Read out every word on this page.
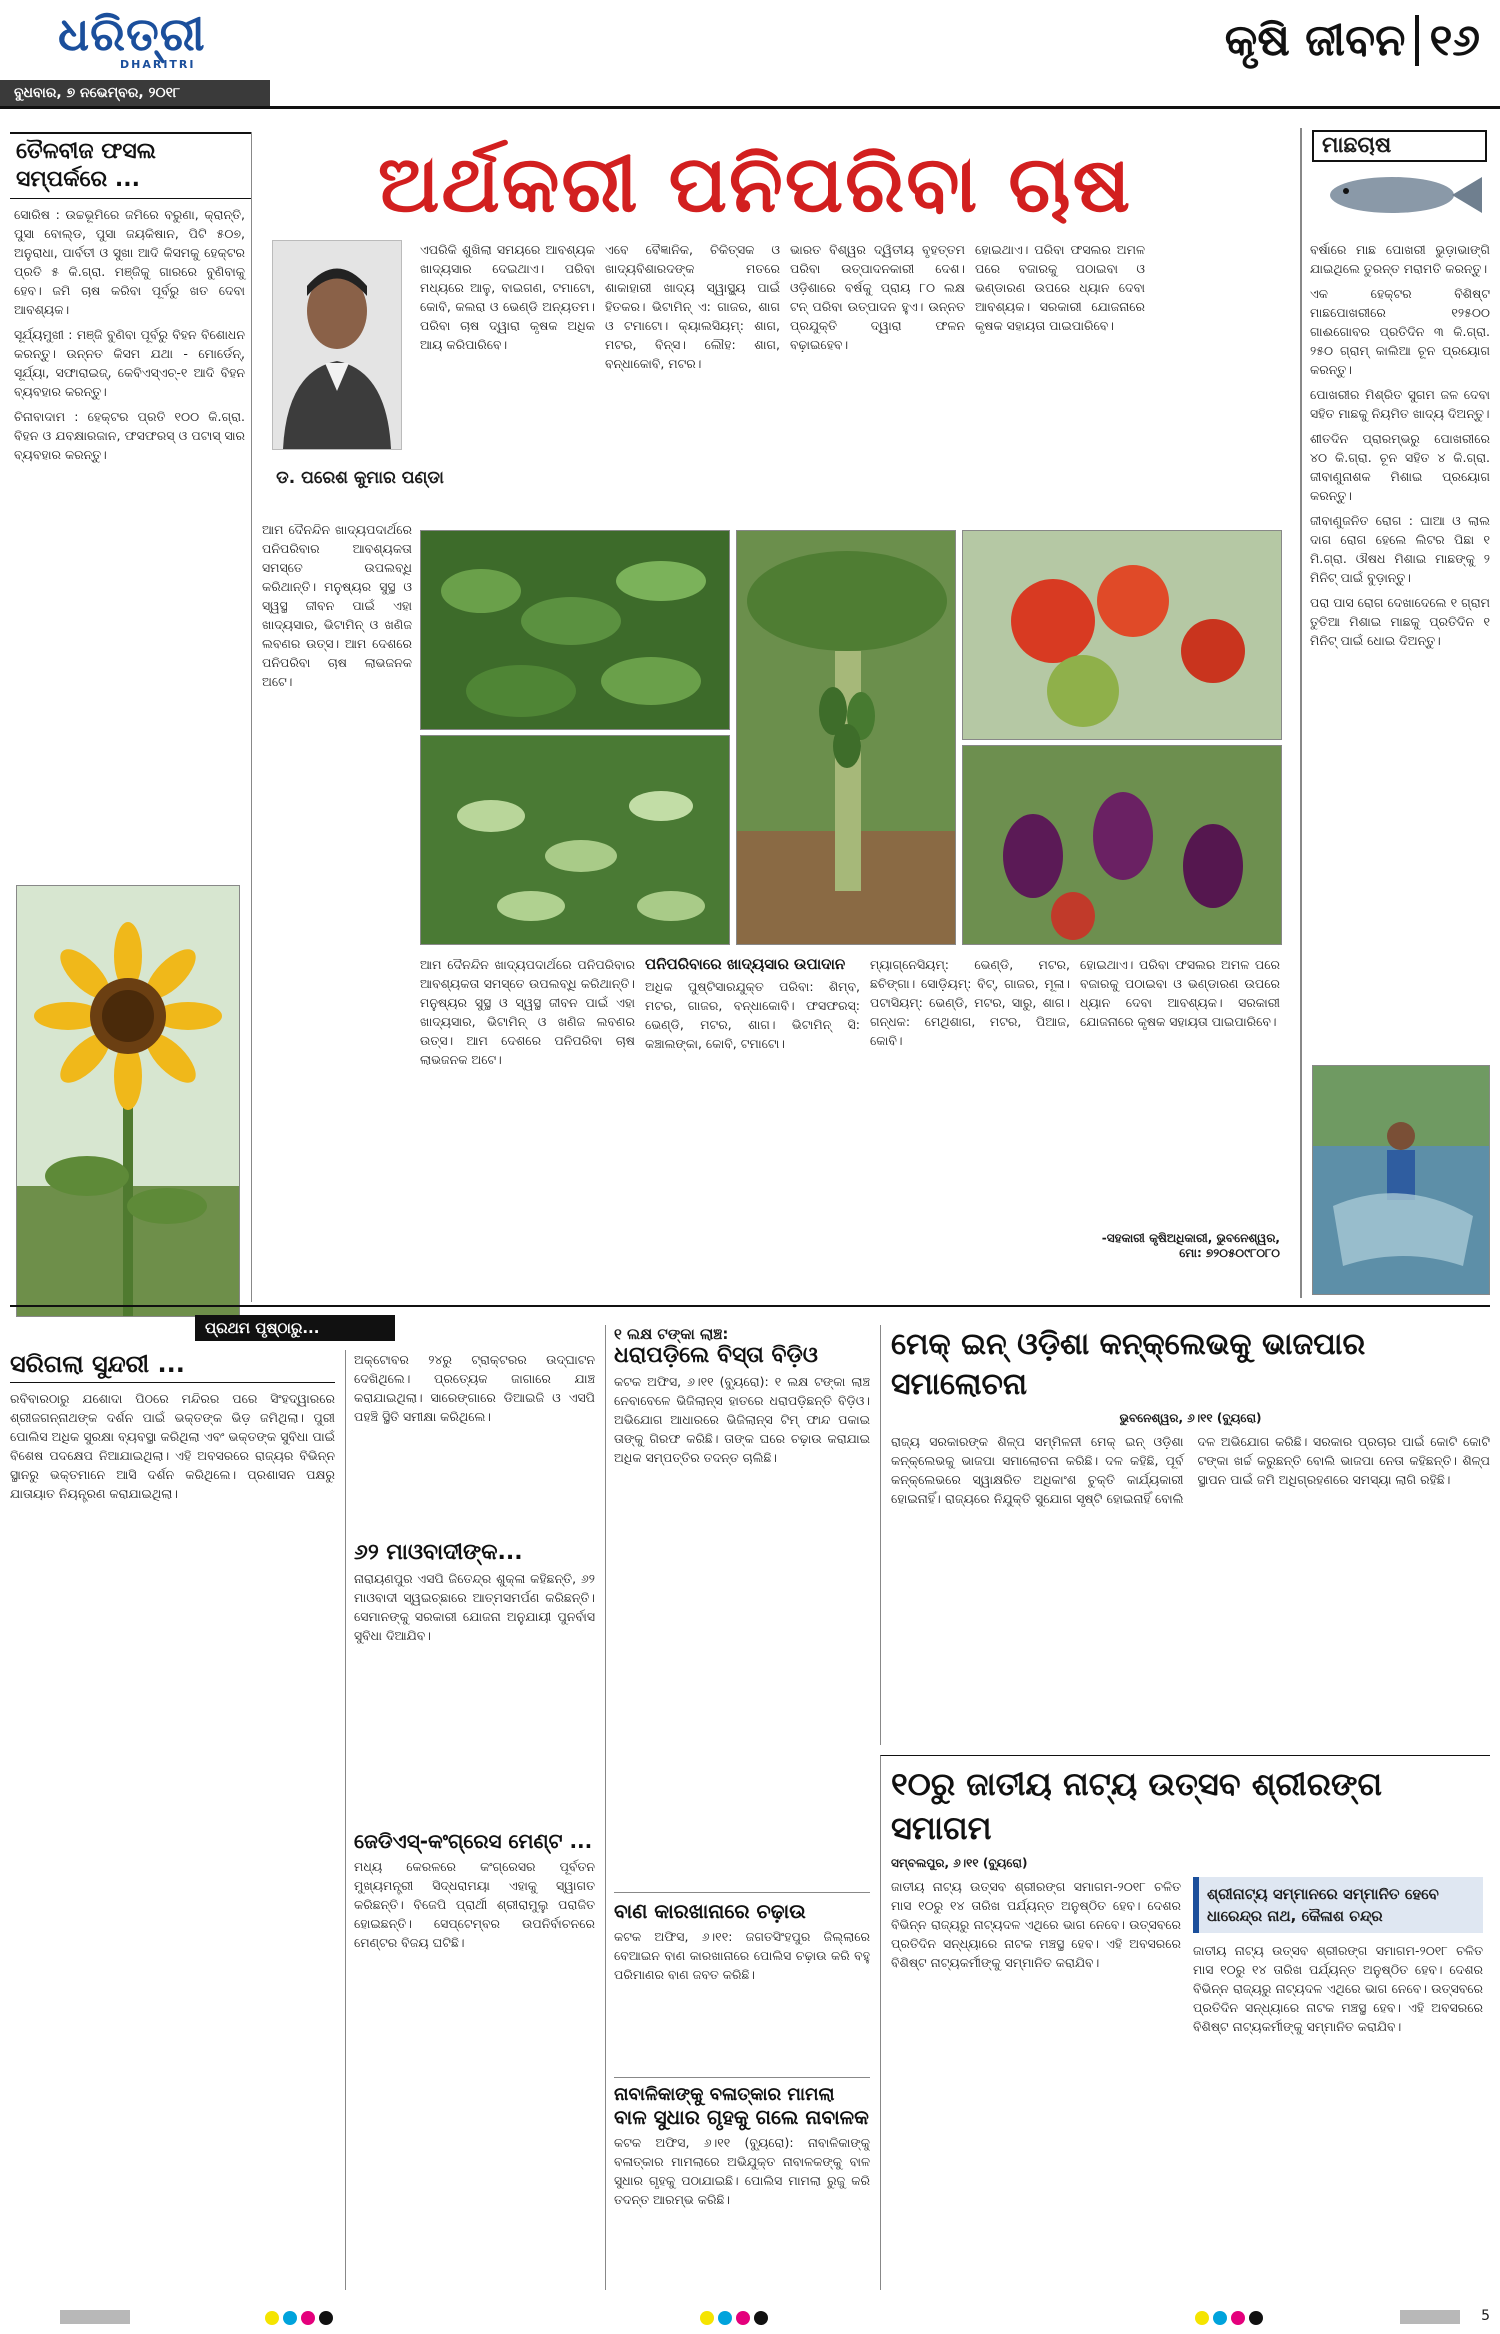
ଧରିତ୍ରୀ
DHARITRI
ବୁଧବାର, ୭ ନଭେମ୍ବର, ୨୦୧୮
କୃଷି ଜୀବନ ୧୬
ତୈଳବୀଜ ଫସଲ ସମ୍ପର୍କରେ ...

ସୋରିଷ : ଉଚ୍ଚଭୂମିରେ ଜମିରେ ବରୁଣା, କ୍ରାନ୍ତି, ପୁସା ବୋଲ୍ଡ, ପୁସା ଜୟକିଷାନ, ପିଟି ୫୦୭, ଅନୁରାଧା, ପାର୍ବତୀ ଓ ସୁଖା ଆଦି କିସମକୁ ହେକ୍ଟର ପ୍ରତି ୫ କି.ଗ୍ରା. ମଞ୍ଜିକୁ ଗାରରେ ବୁଣିବାକୁ ହେବ। ଜମି ଚାଷ କରିବା ପୂର୍ବରୁ ଖତ ଦେବା ଆବଶ୍ୟକ।

ସୂର୍ଯ୍ୟମୁଖୀ : ମଞ୍ଜି ବୁଣିବା ପୂର୍ବରୁ ବିହନ ବିଶୋଧନ କରନ୍ତୁ। ଉନ୍ନତ କିସମ ଯଥା - ମୋର୍ଡେନ୍, ସୂର୍ଯ୍ୟା, ସଫାରାଇଜ୍, କେବିଏସ୍ଏଚ୍-୧ ଆଦି ବିହନ ବ୍ୟବହାର କରନ୍ତୁ।

ଚିନାବାଦାମ : ହେକ୍ଟର ପ୍ରତି ୧୦୦ କି.ଗ୍ରା. ବିହନ ଓ ଯବକ୍ଷାରଜାନ, ଫସଫରସ୍ ଓ ପଟାସ୍ ସାର ବ୍ୟବହାର କରନ୍ତୁ।

ଅର୍ଥକରୀ ପନିପରିବା ଚାଷ
ଡ. ପରେଶ କୁମାର ପଣ୍ଡା
ଏପରିକି ଶୁଖିଲା ସମୟରେ ଆବଶ୍ୟକ ଖାଦ୍ୟସାର ଦେଇଥାଏ। ପରିବା ମଧ୍ୟରେ ଆଳୁ, ବାଇଗଣ, ଟମାଟୋ, କୋବି, କଲରା ଓ ଭେଣ୍ଡି ଅନ୍ୟତମ। ପରିବା ଚାଷ ଦ୍ୱାରା କୃଷକ ଅଧିକ ଆୟ କରିପାରିବେ।
ଏବେ ବୈଜ୍ଞାନିକ, ଚିକିତ୍ସକ ଓ ଖାଦ୍ୟବିଶାରଦଙ୍କ ମତରେ ଶାକାହାରୀ ଖାଦ୍ୟ ସ୍ୱାସ୍ଥ୍ୟ ପାଇଁ ହିତକର। ଭିଟାମିନ୍ ଏ: ଗାଜର, ଶାଗ ଓ ଟମାଟୋ। କ୍ୟାଲସିୟମ୍: ଶାଗ, ମଟର, ବିନ୍ସ। ଲୌହ: ଶାଗ, ବନ୍ଧାକୋବି, ମଟର।
ଭାରତ ବିଶ୍ୱର ଦ୍ୱିତୀୟ ବୃହତ୍ତମ ପରିବା ଉତ୍ପାଦନକାରୀ ଦେଶ। ଓଡ଼ିଶାରେ ବର୍ଷକୁ ପ୍ରାୟ ୮୦ ଲକ୍ଷ ଟନ୍ ପରିବା ଉତ୍ପାଦନ ହୁଏ। ଉନ୍ନତ ପ୍ରଯୁକ୍ତି ଦ୍ୱାରା ଫଳନ ବଢ଼ାଇହେବ।
ହୋଇଥାଏ। ପରିବା ଫସଲର ଅମଳ ପରେ ବଜାରକୁ ପଠାଇବା ଓ ଭଣ୍ଡାରଣ ଉପରେ ଧ୍ୟାନ ଦେବା ଆବଶ୍ୟକ। ସରକାରୀ ଯୋଜନାରେ କୃଷକ ସହାୟତା ପାଇପାରିବେ।
ଆମ ଦୈନନ୍ଦିନ ଖାଦ୍ୟପଦାର୍ଥରେ ପନିପରିବାର ଆବଶ୍ୟକତା ସମସ୍ତେ ଉପଲବ୍ଧି କରିଥାନ୍ତି। ମନୁଷ୍ୟର ସୁସ୍ଥ ଓ ସ୍ୱସ୍ଥ ଜୀବନ ପାଇଁ ଏହା ଖାଦ୍ୟସାର, ଭିଟାମିନ୍ ଓ ଖଣିଜ ଲବଣର ଉତ୍ସ। ଆମ ଦେଶରେ ପନିପରିବା ଚାଷ ଲାଭଜନକ ଅଟେ।
ଆମ ଦୈନନ୍ଦିନ ଖାଦ୍ୟପଦାର୍ଥରେ ପନିପରିବାର ଆବଶ୍ୟକତା ସମସ୍ତେ ଉପଲବ୍ଧି କରିଥାନ୍ତି। ମନୁଷ୍ୟର ସୁସ୍ଥ ଓ ସ୍ୱସ୍ଥ ଜୀବନ ପାଇଁ ଏହା ଖାଦ୍ୟସାର, ଭିଟାମିନ୍ ଓ ଖଣିଜ ଲବଣର ଉତ୍ସ। ଆମ ଦେଶରେ ପନିପରିବା ଚାଷ ଲାଭଜନକ ଅଟେ।
ପନିପରିବାରେ ଖାଦ୍ୟସାର ଉପାଦାନ
ଅଧିକ ପୁଷ୍ଟିସାରଯୁକ୍ତ ପରିବା: ଶିମ୍ବ, ମଟର, ଗାଜର, ବନ୍ଧାକୋବି। ଫସଫରସ୍: ଭେଣ୍ଡି, ମଟର, ଶାଗ। ଭିଟାମିନ୍ ସି: କଞ୍ଚାଲଙ୍କା, କୋବି, ଟମାଟୋ।
ମ୍ୟାଗ୍ନେସିୟମ୍: ଭେଣ୍ଡି, ମଟର, ଛଚିଙ୍ଗା। ସୋଡ଼ିୟମ୍: ବିଟ୍, ଗାଜର, ମୂଳା। ପଟାସିୟମ୍: ଭେଣ୍ଡି, ମଟର, ସାରୁ, ଶାଗ। ଗନ୍ଧକ: ମେଥିଶାଗ, ମଟର, ପିଆଜ, କୋବି।
ହୋଇଥାଏ। ପରିବା ଫସଲର ଅମଳ ପରେ ବଜାରକୁ ପଠାଇବା ଓ ଭଣ୍ଡାରଣ ଉପରେ ଧ୍ୟାନ ଦେବା ଆବଶ୍ୟକ। ସରକାରୀ ଯୋଜନାରେ କୃଷକ ସହାୟତା ପାଇପାରିବେ।
-ସହକାରୀ କୃଷିଅଧିକାରୀ, ଭୁବନେଶ୍ୱର,
ମୋ: ୭୨୦୫୦୯୮୦୮୦
ମାଛଚାଷ

ବର୍ଷାରେ ମାଛ ପୋଖରୀ ଭୁଡ଼ାଭାଙ୍ଗି ଯାଇଥିଲେ ତୁରନ୍ତ ମରାମତି କରନ୍ତୁ।

ଏକ ହେକ୍ଟର ବିଶିଷ୍ଟ ମାଛପୋଖରୀରେ ୧୨୫୦୦ ଗାଈଗୋବର ପ୍ରତିଦିନ ୩ କି.ଗ୍ରା. ୨୫୦ ଗ୍ରାମ୍ କାଲିଆ ଚୂନ ପ୍ରୟୋଗ କରନ୍ତୁ।

ପୋଖରୀର ମିଶ୍ରିତ ସୁଗମ ଜଳ ଦେବା ସହିତ ମାଛକୁ ନିୟମିତ ଖାଦ୍ୟ ଦିଅନ୍ତୁ।

ଶୀତଦିନ ପ୍ରାରମ୍ଭରୁ ପୋଖରୀରେ ୪୦ କି.ଗ୍ରା. ଚୂନ ସହିତ ୪ କି.ଗ୍ରା. ଜୀବାଣୁନାଶକ ମିଶାଇ ପ୍ରୟୋଗ କରନ୍ତୁ।

ଜୀବାଣୁଜନିତ ରୋଗ : ଘାଆ ଓ ଲାଲ ଦାଗ ରୋଗ ହେଲେ ଲିଟର ପିଛା ୧ ମି.ଗ୍ରା. ଔଷଧ ମିଶାଇ ମାଛଙ୍କୁ ୨ ମିନିଟ୍ ପାଇଁ ବୁଡ଼ାନ୍ତୁ।

ପରା ପାସ ରୋଗ ଦେଖାଦେଲେ ୧ ଗ୍ରାମ ତୁତିଆ ମିଶାଇ ମାଛକୁ ପ୍ରତିଦିନ ୧ ମିନିଟ୍ ପାଇଁ ଧୋଇ ଦିଅନ୍ତୁ।

ପ୍ରଥମ ପୃଷ୍ଠାରୁ...
ସରିଗଲା ସୁନ୍ଦରୀ ...
ରବିବାରଠାରୁ ଯଶୋଦା ପିଠରେ ମନ୍ଦିରର ପରେ ସିଂହଦ୍ୱାରରେ ଶ୍ରୀଜଗନ୍ନାଥଙ୍କ ଦର୍ଶନ ପାଇଁ ଭକ୍ତଙ୍କ ଭିଡ଼ ଜମିଥିଲା। ପୁରୀ ପୋଲିସ ଅଧିକ ସୁରକ୍ଷା ବ୍ୟବସ୍ଥା କରିଥିଲା ଏବଂ ଭକ୍ତଙ୍କ ସୁବିଧା ପାଇଁ ବିଶେଷ ପଦକ୍ଷେପ ନିଆଯାଇଥିଲା। ଏହି ଅବସରରେ ରାଜ୍ୟର ବିଭିନ୍ନ ସ୍ଥାନରୁ ଭକ୍ତମାନେ ଆସି ଦର୍ଶନ କରିଥିଲେ। ପ୍ରଶାସନ ପକ୍ଷରୁ ଯାତାୟାତ ନିୟନ୍ତ୍ରଣ କରାଯାଇଥିଲା।
ଅକ୍ଟୋବର ୨୪ରୁ ଟ୍ରାକ୍ଟରର ଉଦ୍‌ଘାଟନ ଦେଖିଥିଲେ। ପ୍ରତ୍ୟେକ ଜାଗାରେ ଯାଞ୍ଚ କରାଯାଇଥିଲା। ସାରେଙ୍ଗାରେ ଡିଆଇଜି ଓ ଏସପି ପହଞ୍ଚି ସ୍ଥିତି ସମୀକ୍ଷା କରିଥିଲେ।
୬୨ ମାଓବାଦୀଙ୍କ...
ନାରାୟଣପୁର ଏସପି ଜିତେନ୍ଦ୍ର ଶୁକ୍ଳା କହିଛନ୍ତି, ୬୨ ମାଓବାଦୀ ସ୍ୱଇଚ୍ଛାରେ ଆତ୍ମସମର୍ପଣ କରିଛନ୍ତି। ସେମାନଙ୍କୁ ସରକାରୀ ଯୋଜନା ଅନୁଯାୟୀ ପୁନର୍ବାସ ସୁବିଧା ଦିଆଯିବ।
ଜେଡିଏସ୍-କଂଗ୍ରେସ ମେଣ୍ଟ ...
ମଧ୍ୟ କେରଳରେ କଂଗ୍ରେସର ପୂର୍ବତନ ମୁଖ୍ୟମନ୍ତ୍ରୀ ସିଦ୍ଧରାମୟା ଏହାକୁ ସ୍ୱାଗତ କରିଛନ୍ତି। ବିଜେପି ପ୍ରାର୍ଥୀ ଶ୍ରୀରାମୁଲୁ ପରାଜିତ ହୋଇଛନ୍ତି। ସେପ୍ଟେମ୍ବର ଉପନିର୍ବାଚନରେ ମେଣ୍ଟର ବିଜୟ ଘଟିଛି।
୧ ଲକ୍ଷ ଟଙ୍କା ଲାଞ୍ଚ:
ଧରାପଡ଼ିଲେ ବିସ୍ତା ବିଡ଼ିଓ
କଟକ ଅଫିସ, ୬।୧୧ (ବ୍ୟୁରୋ): ୧ ଲକ୍ଷ ଟଙ୍କା ଲାଞ୍ଚ ନେବାବେଳେ ଭିଜିଲାନ୍ସ ହାତରେ ଧରାପଡ଼ିଛନ୍ତି ବିଡ଼ିଓ। ଅଭିଯୋଗ ଆଧାରରେ ଭିଜିଲାନ୍ସ ଟିମ୍ ଫାନ୍ଦ ପକାଇ ତାଙ୍କୁ ଗିରଫ କରିଛି। ତାଙ୍କ ଘରେ ଚଢ଼ାଉ କରାଯାଇ ଅଧିକ ସମ୍ପତ୍ତିର ତଦନ୍ତ ଚାଲିଛି।
ବାଣ କାରଖାନାରେ ଚଢ଼ାଉ
କଟକ ଅଫିସ, ୬।୧୧: ଜଗତସିଂହପୁର ଜିଲ୍ଲାରେ ବେଆଇନ ବାଣ କାରଖାନାରେ ପୋଲିସ ଚଢ଼ାଉ କରି ବହୁ ପରିମାଣର ବାଣ ଜବତ କରିଛି।
ନାବାଳିକାଙ୍କୁ ବଳାତ୍କାର ମାମଲା
ବାଳ ସୁଧାର ଗୃହକୁ ଗଲେ ନାବାଳକ
କଟକ ଅଫିସ, ୬।୧୧ (ବ୍ୟୁରୋ): ନାବାଳିକାଙ୍କୁ ବଳାତ୍କାର ମାମଲାରେ ଅଭିଯୁକ୍ତ ନାବାଳକଙ୍କୁ ବାଳ ସୁଧାର ଗୃହକୁ ପଠାଯାଇଛି। ପୋଲିସ ମାମଲା ରୁଜୁ କରି ତଦନ୍ତ ଆରମ୍ଭ କରିଛି।
ମେକ୍ ଇନ୍ ଓଡ଼ିଶା କନ୍‌କ୍ଲେଭକୁ ଭାଜପାର ସମାଲୋଚନା
ଭୁବନେଶ୍ୱର, ୬।୧୧ (ବ୍ୟୁରୋ)
ରାଜ୍ୟ ସରକାରଙ୍କ ଶିଳ୍ପ ସମ୍ମିଳନୀ ମେକ୍ ଇନ୍ ଓଡ଼ିଶା କନ୍‌କ୍ଲେଭକୁ ଭାଜପା ସମାଲୋଚନା କରିଛି। ଦଳ କହିଛି, ପୂର୍ବ କନ୍‌କ୍ଲେଭରେ ସ୍ୱାକ୍ଷରିତ ଅଧିକାଂଶ ଚୁକ୍ତି କାର୍ଯ୍ୟକାରୀ ହୋଇନାହିଁ। ରାଜ୍ୟରେ ନିଯୁକ୍ତି ସୁଯୋଗ ସୃଷ୍ଟି ହୋଇନାହିଁ ବୋଲି ଦଳ ଅଭିଯୋଗ କରିଛି। ସରକାର ପ୍ରଚାର ପାଇଁ କୋଟି କୋଟି ଟଙ୍କା ଖର୍ଚ୍ଚ କରୁଛନ୍ତି ବୋଲି ଭାଜପା ନେତା କହିଛନ୍ତି। ଶିଳ୍ପ ସ୍ଥାପନ ପାଇଁ ଜମି ଅଧିଗ୍ରହଣରେ ସମସ୍ୟା ଲାଗି ରହିଛି।
୧୦ରୁ ଜାତୀୟ ନାଟ୍ୟ ଉତ୍ସବ ଶ୍ରୀରଙ୍ଗ ସମାଗମ
ସମ୍ବଲପୁର, ୬।୧୧ (ବ୍ୟୁରୋ)
ଜାତୀୟ ନାଟ୍ୟ ଉତ୍ସବ ଶ୍ରୀରଙ୍ଗ ସମାଗମ-୨୦୧୮ ଚଳିତ ମାସ ୧୦ରୁ ୧୪ ତାରିଖ ପର୍ଯ୍ୟନ୍ତ ଅନୁଷ୍ଠିତ ହେବ। ଦେଶର ବିଭିନ୍ନ ରାଜ୍ୟରୁ ନାଟ୍ୟଦଳ ଏଥିରେ ଭାଗ ନେବେ। ଉତ୍ସବରେ ପ୍ରତିଦିନ ସନ୍ଧ୍ୟାରେ ନାଟକ ମଞ୍ଚସ୍ଥ ହେବ। ଏହି ଅବସରରେ ବିଶିଷ୍ଟ ନାଟ୍ୟକର୍ମୀଙ୍କୁ ସମ୍ମାନିତ କରାଯିବ।
ଶ୍ରୀନାଟ୍ୟ ସମ୍ମାନରେ ସମ୍ମାନିତ ହେବେ ଧାରେନ୍ଦ୍ର ନାଥ, କୈଳାଶ ଚନ୍ଦ୍ର
ଜାତୀୟ ନାଟ୍ୟ ଉତ୍ସବ ଶ୍ରୀରଙ୍ଗ ସମାଗମ-୨୦୧୮ ଚଳିତ ମାସ ୧୦ରୁ ୧୪ ତାରିଖ ପର୍ଯ୍ୟନ୍ତ ଅନୁଷ୍ଠିତ ହେବ। ଦେଶର ବିଭିନ୍ନ ରାଜ୍ୟରୁ ନାଟ୍ୟଦଳ ଏଥିରେ ଭାଗ ନେବେ। ଉତ୍ସବରେ ପ୍ରତିଦିନ ସନ୍ଧ୍ୟାରେ ନାଟକ ମଞ୍ଚସ୍ଥ ହେବ। ଏହି ଅବସରରେ ବିଶିଷ୍ଟ ନାଟ୍ୟକର୍ମୀଙ୍କୁ ସମ୍ମାନିତ କରାଯିବ।
5
